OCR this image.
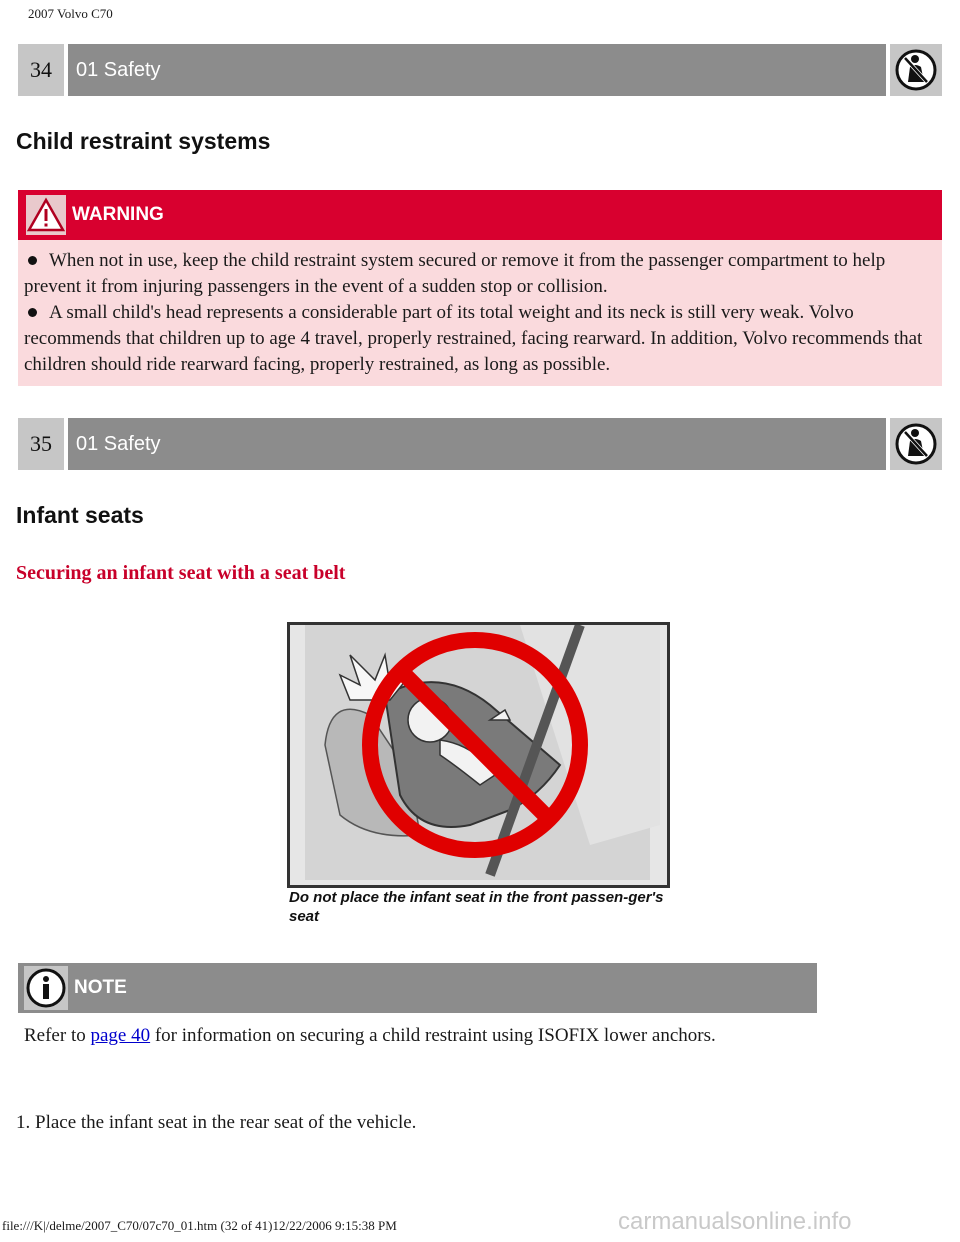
2007 Volvo C70
34	01 Safety
Child restraint systems
WARNING

When not in use, keep the child restraint system secured or remove it from the passenger compartment to help prevent it from injuring passengers in the event of a sudden stop or collision.

A small child's head represents a considerable part of its total weight and its neck is still very weak. Volvo recommends that children up to age 4 travel, properly restrained, facing rearward. In addition, Volvo recommends that children should ride rearward facing, properly restrained, as long as possible.

35	01 Safety
Infant seats
Securing an infant seat with a seat belt
Do not place the infant seat in the front passen-ger's seat
NOTE
Refer to page 40 for information on securing a child restraint using ISOFIX lower anchors.
1. Place the infant seat in the rear seat of the vehicle.
file:///K|/delme/2007_C70/07c70_01.htm (32 of 41)12/22/2006 9:15:38 PM	carmanualsonline.info
